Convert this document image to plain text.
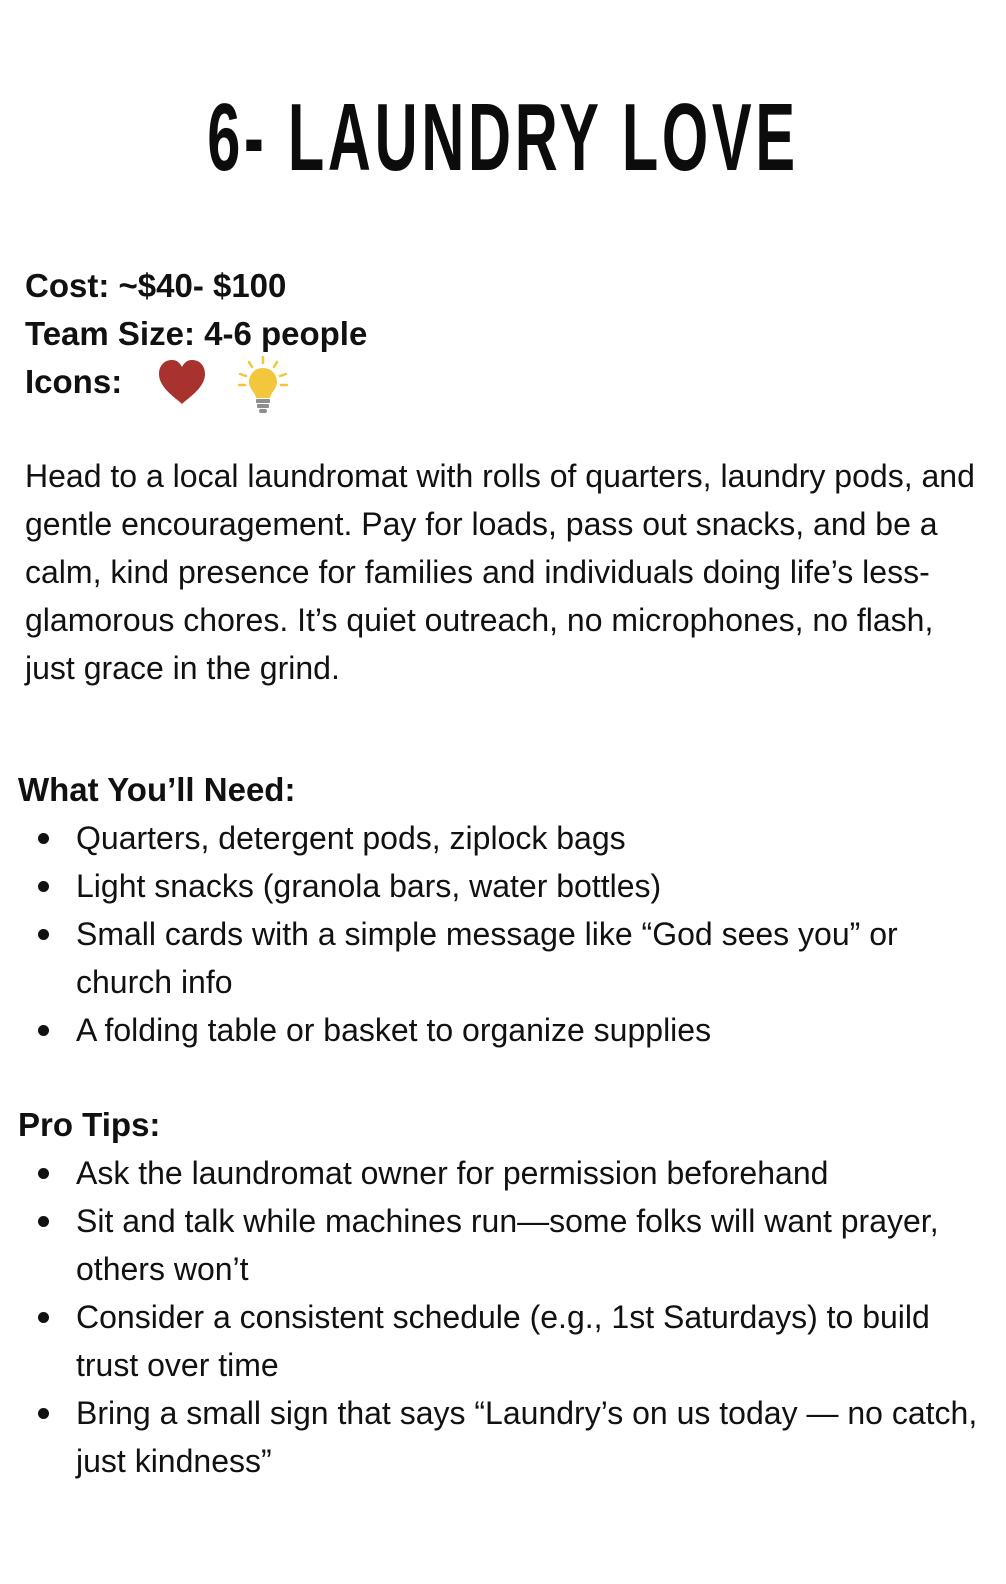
6- LAUNDRY LOVE
Cost: ~$40- $100
Team Size: 4-6 people
Icons:

Head to a local laundromat with rolls of quarters, laundry pods, and gentle encouragement. Pay for loads, pass out snacks, and be a calm, kind presence for families and individuals doing life’s less-glamorous chores. It’s quiet outreach, no microphones, no flash, just grace in the grind.

What You’ll Need:
Quarters, detergent pods, ziplock bags
Light snacks (granola bars, water bottles)
Small cards with a simple message like “God sees you” or church info
A folding table or basket to organize supplies
Pro Tips:
Ask the laundromat owner for permission beforehand
Sit and talk while machines run—some folks will want prayer, others won’t
Consider a consistent schedule (e.g., 1st Saturdays) to build trust over time
Bring a small sign that says “Laundry’s on us today — no catch, just kindness”
